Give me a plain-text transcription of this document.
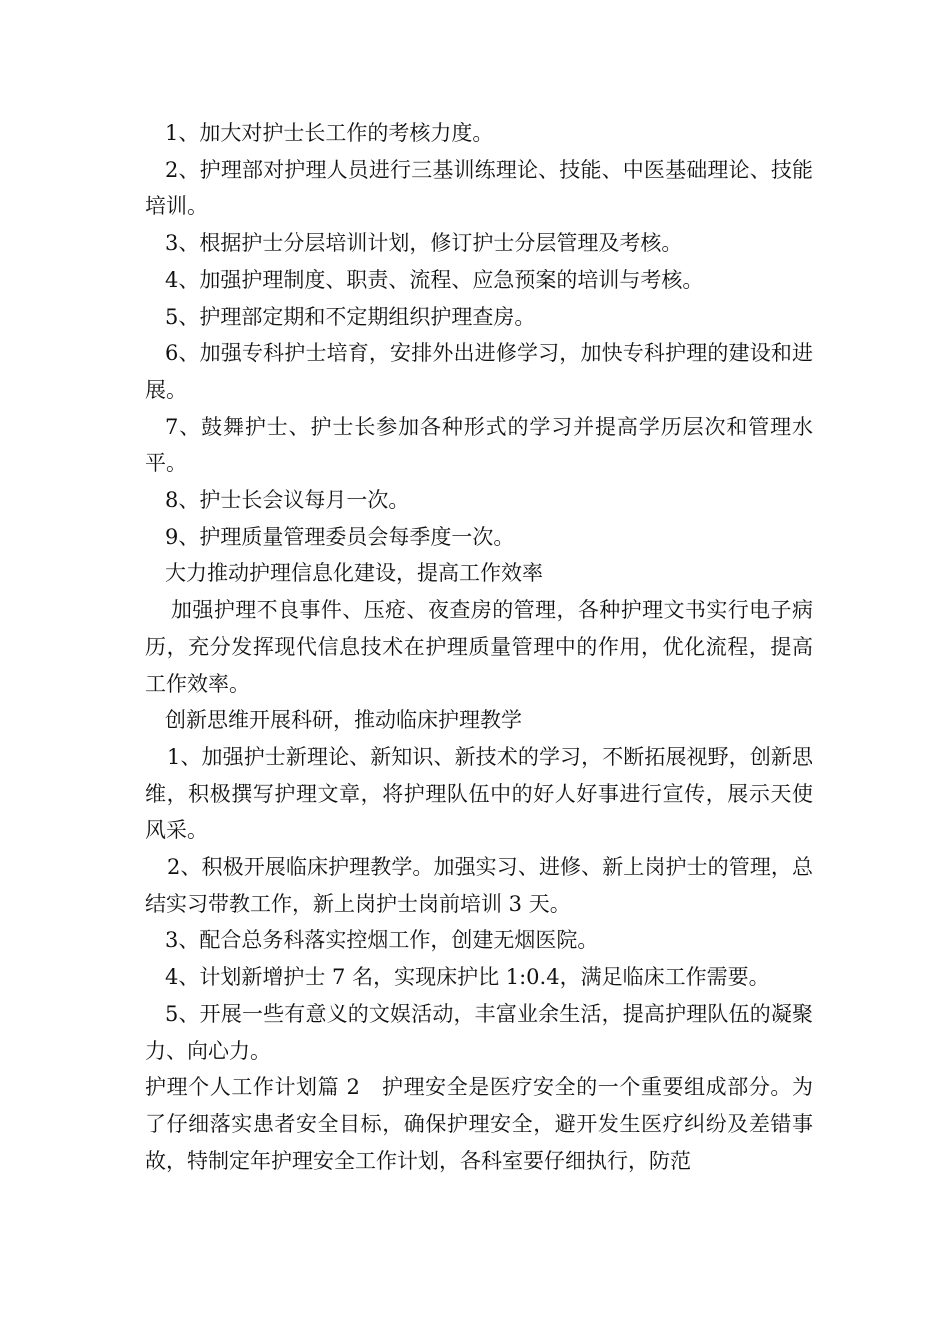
1、加大对护士长工作的考核力度。

2、护理部对护理人员进行三基训练理论、技能、中医基础理论、技能培训。

3、根据护士分层培训计划，修订护士分层管理及考核。

4、加强护理制度、职责、流程、应急预案的培训与考核。

5、护理部定期和不定期组织护理查房。

6、加强专科护士培育，安排外出进修学习，加快专科护理的建设和进展。

7、鼓舞护士、护士长参加各种形式的学习并提高学历层次和管理水平。

8、护士长会议每月一次。

9、护理质量管理委员会每季度一次。

大力推动护理信息化建设，提高工作效率

加强护理不良事件、压疮、夜查房的管理，各种护理文书实行电子病历，充分发挥现代信息技术在护理质量管理中的作用，优化流程，提高工作效率。

创新思维开展科研，推动临床护理教学

1、加强护士新理论、新知识、新技术的学习，不断拓展视野，创新思维，积极撰写护理文章，将护理队伍中的好人好事进行宣传，展示天使风采。

2、积极开展临床护理教学。加强实习、进修、新上岗护士的管理，总结实习带教工作，新上岗护士岗前培训 3 天。

3、配合总务科落实控烟工作，创建无烟医院。

4、计划新增护士 7 名，实现床护比 1:0.4，满足临床工作需要。

5、开展一些有意义的文娱活动，丰富业余生活，提高护理队伍的凝聚力、向心力。

护理个人工作计划篇 2　护理安全是医疗安全的一个重要组成部分。为了仔细落实患者安全目标，确保护理安全，避开发生医疗纠纷及差错事故，特制定年护理安全工作计划，各科室要仔细执行，防范
